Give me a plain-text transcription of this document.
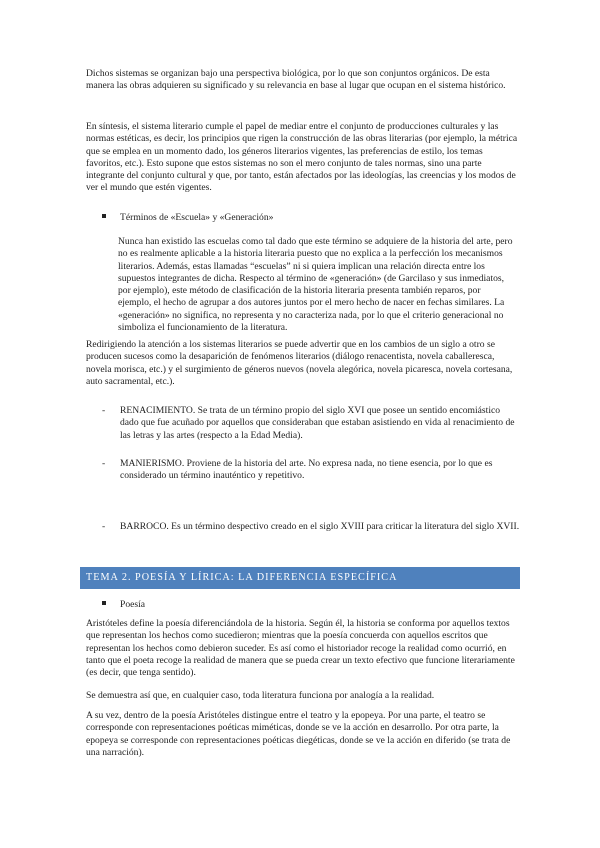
Dichos sistemas se organizan bajo una perspectiva biológica, por lo que son conjuntos orgánicos. De esta manera las obras adquieren su significado y su relevancia en base al lugar que ocupan en el sistema histórico.

En síntesis, el sistema literario cumple el papel de mediar entre el conjunto de producciones culturales y las normas estéticas, es decir, los principios que rigen la construcción de las obras literarias (por ejemplo, la métrica que se emplea en un momento dado, los géneros literarios vigentes, las preferencias de estilo, los temas favoritos, etc.). Esto supone que estos sistemas no son el mero conjunto de tales normas, sino una parte integrante del conjunto cultural y que, por tanto, están afectados por las ideologías, las creencias y los modos de ver el mundo que estén vigentes.

Términos de «Escuela» y «Generación»

Nunca han existido las escuelas como tal dado que este término se adquiere de la historia del arte, pero no es realmente aplicable a la historia literaria puesto que no explica a la perfección los mecanismos literarios. Además, estas llamadas “escuelas” ni si quiera implican una relación directa entre los supuestos integrantes de dicha. Respecto al término de «generación» (de Garcilaso y sus inmediatos, por ejemplo), este método de clasificación de la historia literaria presenta también reparos, por ejemplo, el hecho de agrupar a dos autores juntos por el mero hecho de nacer en fechas similares. La «generación» no significa, no representa y no caracteriza nada, por lo que el criterio generacional no simboliza el funcionamiento de la literatura.

Redirigiendo la atención a los sistemas literarios se puede advertir que en los cambios de un siglo a otro se producen sucesos como la desaparición de fenómenos literarios (diálogo renacentista, novela caballeresca, novela morisca, etc.) y el surgimiento de géneros nuevos (novela alegórica, novela picaresca, novela cortesana, auto sacramental, etc.).

- RENACIMIENTO. Se trata de un término propio del siglo XVI que posee un sentido encomiástico dado que fue acuñado por aquellos que consideraban que estaban asistiendo en vida al renacimiento de las letras y las artes (respecto a la Edad Media).
- MANIERISMO. Proviene de la historia del arte. No expresa nada, no tiene esencia, por lo que es considerado un término inauténtico y repetitivo.
- BARROCO. Es un término despectivo creado en el siglo XVIII para criticar la literatura del siglo XVII.
TEMA 2. POESÍA Y LÍRICA: LA DIFERENCIA ESPECÍFICA
Poesía

Aristóteles define la poesía diferenciándola de la historia. Según él, la historia se conforma por aquellos textos que representan los hechos como sucedieron; mientras que la poesía concuerda con aquellos escritos que representan los hechos como debieron suceder. Es así como el historiador recoge la realidad como ocurrió, en tanto que el poeta recoge la realidad de manera que se pueda crear un texto efectivo que funcione literariamente (es decir, que tenga sentido).

Se demuestra así que, en cualquier caso, toda literatura funciona por analogía a la realidad.

A su vez, dentro de la poesía Aristóteles distingue entre el teatro y la epopeya. Por una parte, el teatro se corresponde con representaciones poéticas miméticas, donde se ve la acción en desarrollo. Por otra parte, la epopeya se corresponde con representaciones poéticas diegéticas, donde se ve la acción en diferido (se trata de una narración).
